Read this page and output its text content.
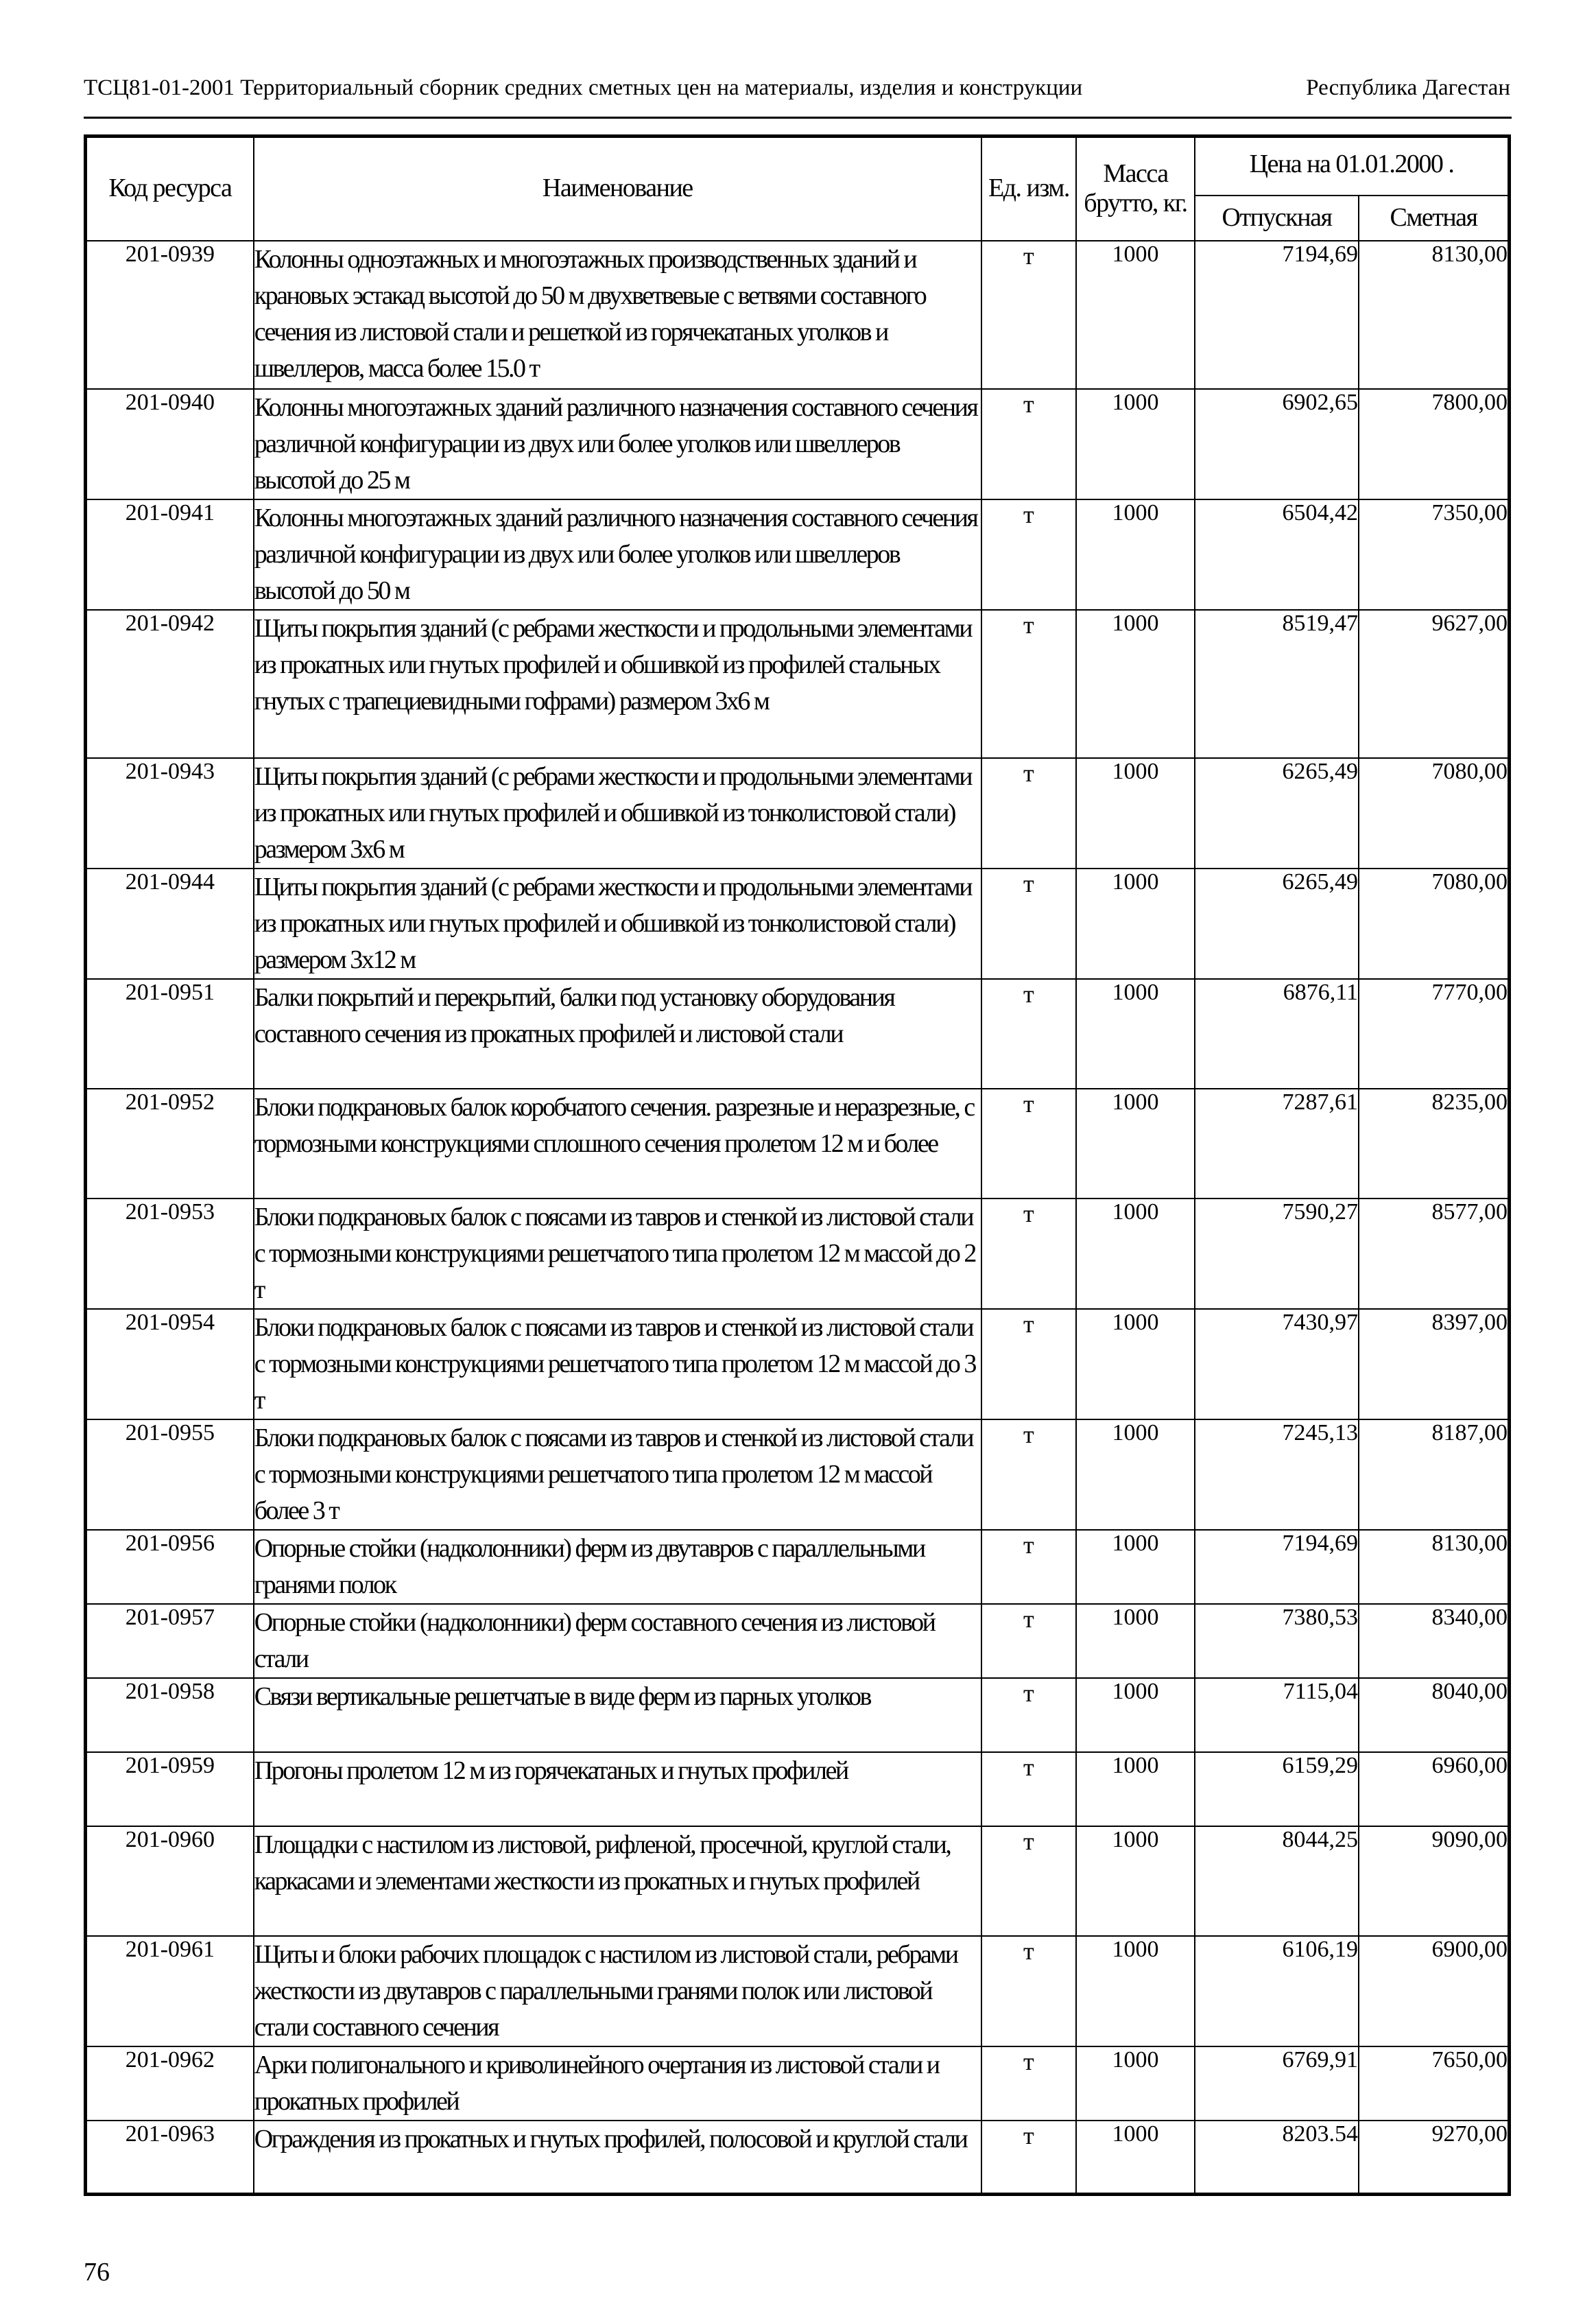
ТСЦ81-01-2001 Территориальный сборник средних сметных цен на материалы, изделия и конструкции	Республика Дагестан
Код ресурса	Наименование	Ед. изм.	Масса брутто, кг.	Цена на 01.01.2000 .	
				Отпускная	Сметная
201-0939	Колонны одноэтажных и многоэтажных производственных зданий и крановых эстакад высотой до 50 м двухветвевые с ветвями составного сечения из листовой стали и решеткой из горячекатаных уголков и швеллеров, масса более 15.0 т	т	1000	7194,69	8130,00
201-0940	Колонны многоэтажных зданий различного назначения составного сечения различной конфигурации из двух или более уголков или швеллеров высотой до 25 м	т	1000	6902,65	7800,00
201-0941	Колонны многоэтажных зданий различного назначения составного сечения различной конфигурации из двух или более уголков или швеллеров высотой до 50 м	т	1000	6504,42	7350,00
201-0942	Щиты покрытия зданий (с ребрами жесткости и продольными элементами из прокатных или гнутых профилей и обшивкой из профилей стальных гнутых с трапециевидными гофрами) размером 3х6 м	т	1000	8519,47	9627,00
201-0943	Щиты покрытия зданий (с ребрами жесткости и продольными элементами из прокатных или гнутых профилей и обшивкой из тонколистовой стали) размером 3х6 м	т	1000	6265,49	7080,00
201-0944	Щиты покрытия зданий (с ребрами жесткости и продольными элементами из прокатных или гнутых профилей и обшивкой из тонколистовой стали) размером 3х12 м	т	1000	6265,49	7080,00
201-0951	Балки покрытий и перекрытий, балки под установку оборудования составного сечения из прокатных профилей и листовой стали	т	1000	6876,11	7770,00
201-0952	Блоки подкрановых балок коробчатого сечения. разрезные и неразрезные, с тормозными конструкциями сплошного сечения пролетом 12 м и более	т	1000	7287,61	8235,00
201-0953	Блоки подкрановых балок с поясами из тавров и стенкой из листовой стали с тормозными конструкциями решетчатого типа пролетом 12 м массой до 2 т	т	1000	7590,27	8577,00
201-0954	Блоки подкрановых балок с поясами из тавров и стенкой из листовой стали с тормозными конструкциями решетчатого типа пролетом 12 м массой до 3 т	т	1000	7430,97	8397,00
201-0955	Блоки подкрановых балок с поясами из тавров и стенкой из листовой стали с тормозными конструкциями решетчатого типа пролетом 12 м массой более 3 т	т	1000	7245,13	8187,00
201-0956	Опорные стойки (надколонники) ферм из двутавров с параллельными гранями полок	т	1000	7194,69	8130,00
201-0957	Опорные стойки (надколонники) ферм составного сечения из листовой стали	т	1000	7380,53	8340,00
201-0958	Связи вертикальные решетчатые в виде ферм из парных уголков	т	1000	7115,04	8040,00
201-0959	Прогоны пролетом 12 м из горячекатаных и гнутых профилей	т	1000	6159,29	6960,00
201-0960	Площадки с настилом из листовой, рифленой, просечной, круглой стали, каркасами и элементами жесткости из прокатных и гнутых профилей	т	1000	8044,25	9090,00
201-0961	Щиты и блоки рабочих площадок с настилом из листовой стали, ребрами жесткости из двутавров с параллельными гранями полок или листовой стали составного сечения	т	1000	6106,19	6900,00
201-0962	Арки полигонального и криволинейного очертания из листовой стали и прокатных профилей	т	1000	6769,91	7650,00
201-0963	Ограждения из прокатных и гнутых профилей, полосовой и круглой стали	т	1000	8203.54	9270,00
76
